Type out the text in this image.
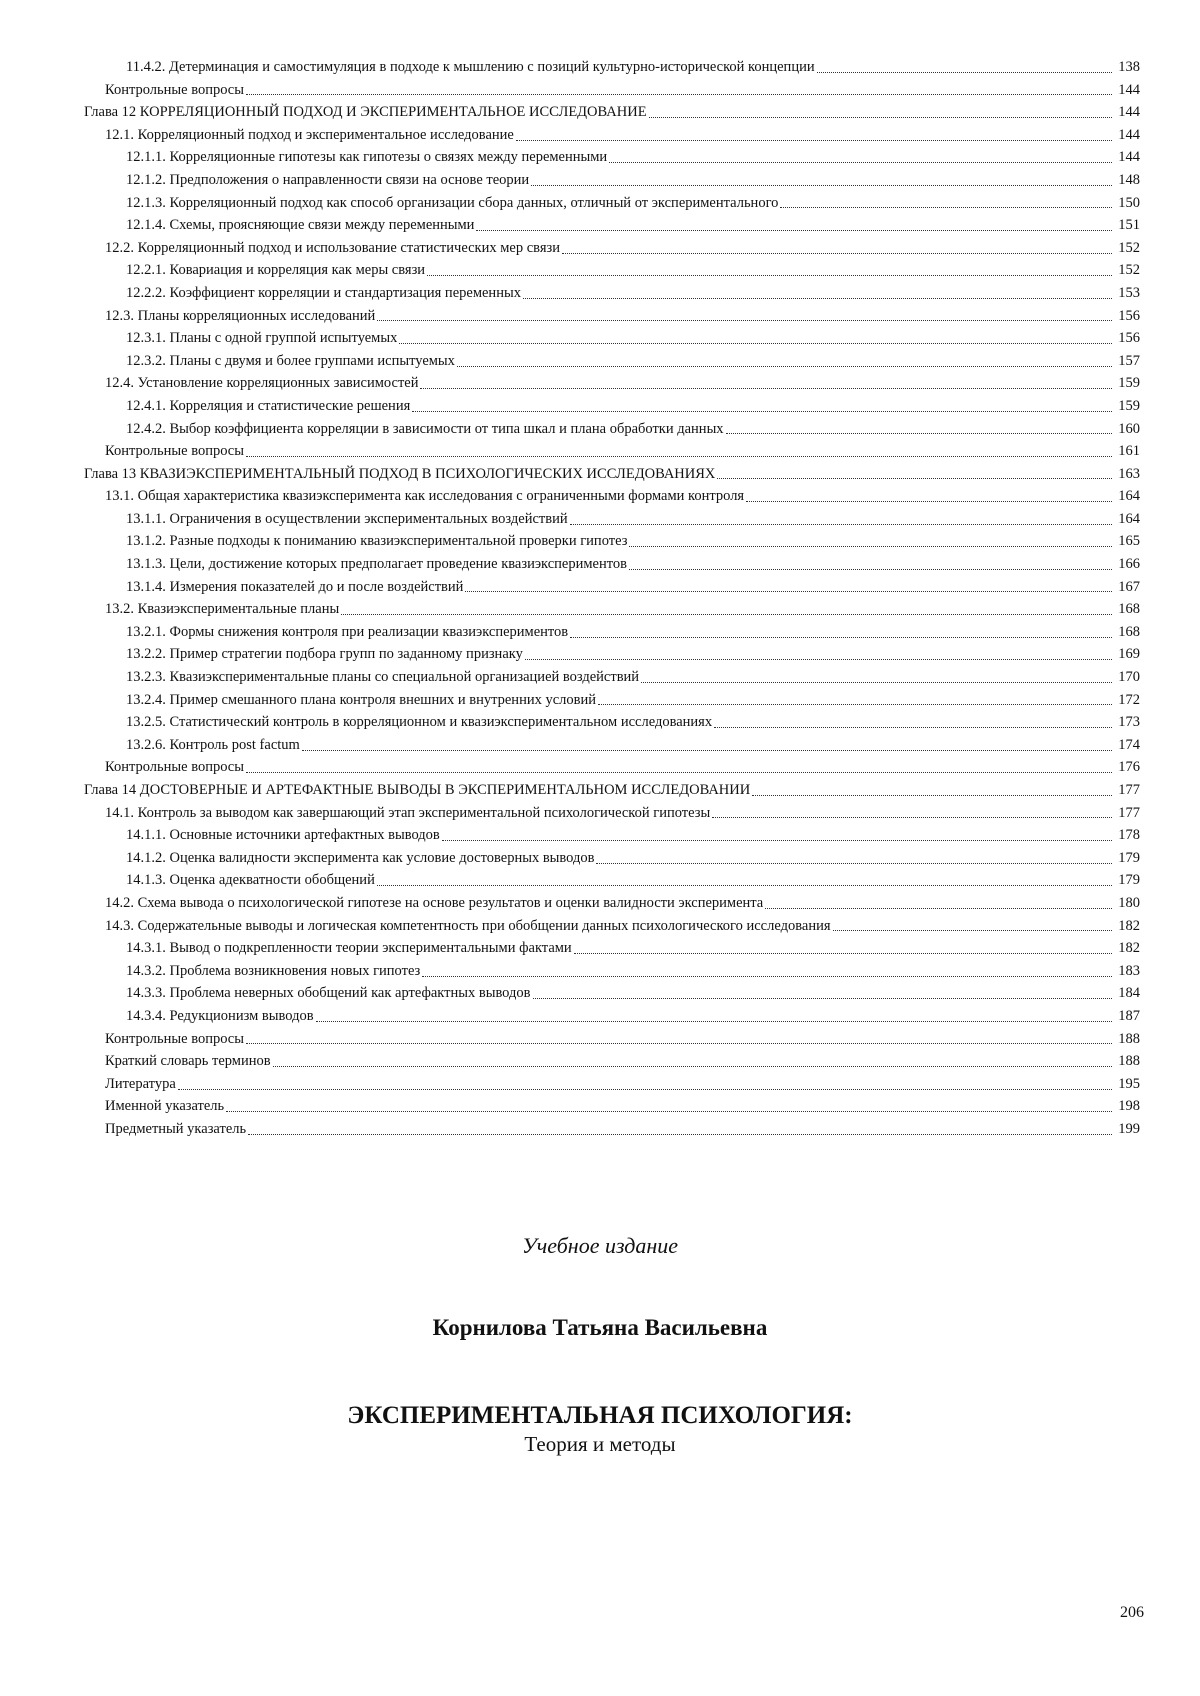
11.4.2. Детерминация и самостимуляция в подходе к мышлению с позиций культурно-исторической концепции	138
Контрольные вопросы	144
Глава 12 КОРРЕЛЯЦИОННЫЙ ПОДХОД И ЭКСПЕРИМЕНТАЛЬНОЕ ИССЛЕДОВАНИЕ	144
12.1. Корреляционный подход и экспериментальное исследование	144
12.1.1. Корреляционные гипотезы как гипотезы о связях между переменными	144
12.1.2. Предположения о направленности связи на основе теории	148
12.1.3. Корреляционный подход как способ организации сбора данных, отличный от экспериментального	150
12.1.4. Схемы, проясняющие связи между переменными	151
12.2. Корреляционный подход и использование статистических мер связи	152
12.2.1. Ковариация и корреляция как меры связи	152
12.2.2. Коэффициент корреляции и стандартизация переменных	153
12.3. Планы корреляционных исследований	156
12.3.1. Планы с одной группой испытуемых	156
12.3.2. Планы с двумя и более группами испытуемых	157
12.4. Установление корреляционных зависимостей	159
12.4.1. Корреляция и статистические решения	159
12.4.2. Выбор коэффициента корреляции в зависимости от типа шкал и плана обработки данных	160
Контрольные вопросы	161
Глава 13 КВАЗИЭКСПЕРИМЕНТАЛЬНЫЙ ПОДХОД В ПСИХОЛОГИЧЕСКИХ ИССЛЕДОВАНИЯХ	163
13.1. Общая характеристика квазиэксперимента как исследования с ограниченными формами контроля	164
13.1.1. Ограничения в осуществлении экспериментальных воздействий	164
13.1.2. Разные подходы к пониманию квазиэкспериментальной проверки гипотез	165
13.1.3. Цели, достижение которых предполагает проведение квазиэкспериментов	166
13.1.4. Измерения показателей до и после воздействий	167
13.2. Квазиэкспериментальные планы	168
13.2.1. Формы снижения контроля при реализации квазиэкспериментов	168
13.2.2. Пример стратегии подбора групп по заданному признаку	169
13.2.3. Квазиэкспериментальные планы со специальной организацией воздействий	170
13.2.4. Пример смешанного плана контроля внешних и внутренних условий	172
13.2.5. Статистический контроль в корреляционном и квазиэкспериментальном исследованиях	173
13.2.6. Контроль post factum	174
Контрольные вопросы	176
Глава 14 ДОСТОВЕРНЫЕ И АРТЕФАКТНЫЕ ВЫВОДЫ В ЭКСПЕРИМЕНТАЛЬНОМ ИССЛЕДОВАНИИ	177
14.1. Контроль за выводом как завершающий этап экспериментальной психологической гипотезы	177
14.1.1. Основные источники артефактных выводов	178
14.1.2. Оценка валидности эксперимента как условие достоверных выводов	179
14.1.3. Оценка адекватности обобщений	179
14.2. Схема вывода о психологической гипотезе на основе результатов и оценки валидности эксперимента	180
14.3. Содержательные выводы и логическая компетентность при обобщении данных психологического исследования	182
14.3.1. Вывод о подкрепленности теории экспериментальными фактами	182
14.3.2. Проблема возникновения новых гипотез	183
14.3.3. Проблема неверных обобщений как артефактных выводов	184
14.3.4. Редукционизм выводов	187
Контрольные вопросы	188
Краткий словарь терминов	188
Литература	195
Именной указатель	198
Предметный указатель	199
Учебное издание
Корнилова Татьяна Васильевна
ЭКСПЕРИМЕНТАЛЬНАЯ ПСИХОЛОГИЯ:
Теория и методы
206
